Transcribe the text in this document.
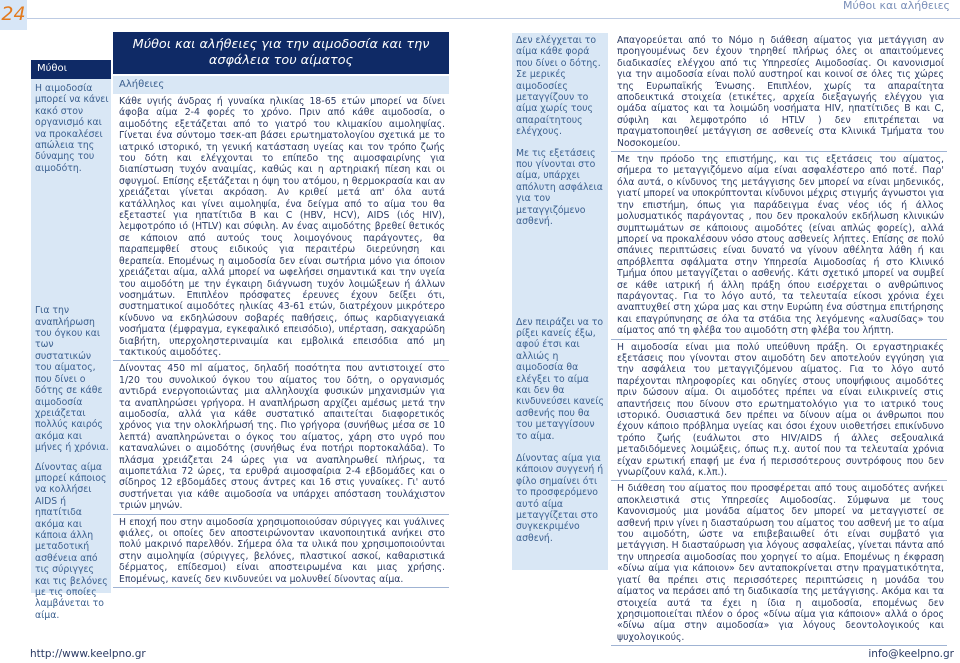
24	Μύθοι και αλήθειες
Μύθοι και αλήθειες για την αιμοδοσία και την
ασφάλεια του αίματος
Μύθοι
Η αιμοδοσία μπορεί να κάνει κακό στον οργανισμό και να προκαλέσει απώλεια της δύναμης του αιμοδότη.
Για την αναπλήρωση του όγκου και των συστατικών του αίματος, που δίνει ο δότης σε κάθε αιμοδοσία χρειάζεται πολλύς καιρός ακόμα και μήνες ή χρόνια.
Δίνοντας αίμα μπορεί κάποιος να κολλήσει AIDS ή ηπατίτιδα ακόμα και κάποια άλλη μεταδοτική ασθένεια από τις σύριγγες και τις βελόνες με τις οποίες λαμβάνεται το αίμα.
Αλήθειες
Κάθε υγιής άνδρας ή γυναίκα ηλικίας 18-65 ετών μπορεί να δίνει άφοβα αίμα 2-4 φορές το χρόνο. Πριν από κάθε αιμοδοσία, ο αιμοδότης εξετάζεται από το γιατρό του κλιμακίου αιμοληψίας. Γίνεται ένα σύντομο τσεκ-απ βάσει ερωτηματολογίου σχετικά με το ιατρικό ιστορικό, τη γενική κατάσταση υγείας και τον τρόπο ζωής του δότη και ελέγχονται το επίπεδο της αιμοσφαιρίνης για διαπίστωση τυχόν αναιμίας, καθώς και η αρτηριακή πίεση και οι σφυγμοί. Επίσης εξετάζεται η όψη του ατόμου, η θερμοκρασία και αν χρειάζεται γίνεται ακρόαση. Αν κριθεί μετά απ' όλα αυτά κατάλληλος και γίνει αιμοληψία, ένα δείγμα από το αίμα του θα εξεταστεί για ηπατίτιδα B και C (HBV, HCV), AIDS (ιός HIV), λεμφοτρόπο ιό (HTLV) και σύφιλη. Αν ένας αιμοδότης βρεθεί θετικός σε κάποιον από αυτούς τους λοιμογόνους παράγοντες, θα παραπεμφθεί στους ειδικούς για περαιτέρω διερεύνηση και θεραπεία. Επομένως η αιμοδοσία δεν είναι σωτήρια μόνο για όποιον χρειάζεται αίμα, αλλά μπορεί να ωφελήσει σημαντικά και την υγεία του αιμοδότη με την έγκαιρη διάγνωση τυχόν λοιμώξεων ή άλλων νοσημάτων. Επιπλέον πρόσφατες έρευνες έχουν δείξει ότι, συστηματικοί αιμοδότες ηλικίας 43-61 ετών, διατρέχουν μικρότερο κίνδυνο να εκδηλώσουν σοβαρές παθήσεις, όπως καρδιαγγειακά νοσήματα (έμφραγμα, εγκεφαλικό επεισόδιο), υπέρταση, σακχαρώδη διαβήτη, υπερχοληστεριναιμία και εμβολικά επεισόδια από μη τακτικούς αιμοδότες.
Δίνοντας 450 ml αίματος, δηλαδή ποσότητα που αντιστοιχεί στο 1/20 του συνολικού όγκου του αίματος του δότη, ο οργανισμός αντιδρά ενεργοποιώντας μια αλληλουχία φυσικών μηχανισμών για τα αναπληρώσει γρήγορα. Η αναπλήρωση αρχίζει αμέσως μετά την αιμοδοσία, αλλά για κάθε συστατικό απαιτείται διαφορετικός χρόνος για την ολοκλήρωσή της. Πιο γρήγορα (συνήθως μέσα σε 10 λεπτά) αναπληρώνεται ο όγκος του αίματος, χάρη στο υγρό που καταναλώνει ο αιμοδότης (συνήθως ένα ποτήρι πορτοκαλάδα). Το πλάσμα χρειάζεται 24 ώρες για να αναπληρωθεί πλήρως, τα αιμοπετάλια 72 ώρες, τα ερυθρά αιμοσφαίρια 2-4 εβδομάδες και ο σίδηρος 12 εβδομάδες στους άντρες και 16 στις γυναίκες. Γι' αυτό συστήνεται για κάθε αιμοδοσία να υπάρχει απόσταση τουλάχιστον τριών μηνών.
Η εποχή που στην αιμοδοσία χρησιμοποιούσαν σύριγγες και γυάλινες φιάλες, οι οποίες δεν αποστειρώνονταν ικανοποιητικά ανήκει στο πολύ μακρινό παρελθόν. Σήμερα όλα τα υλικά που χρησιμοποιούνται στην αιμοληψία (σύριγγες, βελόνες, πλαστικοί ασκοί, καθαριστικά δέρματος, επίδεσμοι) είναι αποστειρωμένα και μιας χρήσης. Επομένως, κανείς δεν κινδυνεύει να μολυνθεί δίνοντας αίμα.
Δεν ελέγχεται το αίμα κάθε φορά που δίνει ο δότης. Σε μερικές αιμοδοσίες μεταγγίζουν το αίμα χωρίς τους απαραίτητους ελέγχους.
Με τις εξετάσεις που γίνονται στο αίμα, υπάρχει απόλυτη ασφάλεια για τον μεταγγιζόμενο ασθενή.
Δεν πειράζει να το ρίξει κανείς έξω, αφού έτσι και αλλιώς η αιμοδοσία θα ελέγξει το αίμα και δεν θα κινδυνεύσει κανείς ασθενής που θα του μεταγγίσουν το αίμα.
Δίνοντας αίμα για κάποιον συγγενή ή φίλο σημαίνει ότι το προσφερόμενο αυτό αίμα μεταγγίζεται στο συγκεκριμένο ασθενή.
Απαγορεύεται από το Νόμο η διάθεση αίματος για μετάγγιση αν προηγουμένως δεν έχουν τηρηθεί πλήρως όλες οι απαιτούμενες διαδικασίες ελέγχου από τις Υπηρεσίες Αιμοδοσίας. Οι κανονισμοί για την αιμοδοσία είναι πολύ αυστηροί και κοινοί σε όλες τις χώρες της Ευρωπαϊκής Ένωσης. Επιπλέον, χωρίς τα απαραίτητα αποδεικτικά στοιχεία (ετικέτες, αρχεία διεξαγωγής ελέγχου για ομάδα αίματος και τα λοιμώδη νοσήματα HIV, ηπατίτιδες B και C, σύφιλη και λεμφοτρόπο ιό HTLV ) δεν επιτρέπεται να πραγματοποιηθεί μετάγγιση σε ασθενείς στα Κλινικά Τμήματα του Νοσοκομείου.
Με την πρόοδο της επιστήμης, και τις εξετάσεις του αίματος, σήμερα το μεταγγιζόμενο αίμα είναι ασφαλέστερο από ποτέ. Παρ' όλα αυτά, ο κίνδυνος της μετάγγισης δεν μπορεί να είναι μηδενικός, γιατί μπορεί να υποκρύπτονται κίνδυνοι μέχρις στιγμής άγνωστοι για την επιστήμη, όπως για παράδειγμα ένας νέος ιός ή άλλος μολυσματικός παράγοντας , που δεν προκαλούν εκδήλωση κλινικών συμπτωμάτων σε κάποιους αιμοδότες (είναι απλώς φορείς), αλλά μπορεί να προκαλέσουν νόσο στους ασθενείς λήπτες. Επίσης σε πολύ σπάνιες περιπτώσεις είναι δυνατό να γίνουν αθέλητα λάθη ή και απρόβλεπτα σφάλματα στην Υπηρεσία Αιμοδοσίας ή στο Κλινικό Τμήμα όπου μεταγγίζεται ο ασθενής. Κάτι σχετικό μπορεί να συμβεί σε κάθε ιατρική ή άλλη πράξη όπου εισέρχεται ο ανθρώπινος παράγοντας. Για το λόγο αυτό, τα τελευταία είκοσι χρόνια έχει αναπτυχθεί στη χώρα μας και στην Ευρώπη ένα σύστημα επιτήρησης και επαγρύπνησης σε όλα τα στάδια της λεγόμενης «αλυσίδας» του αίματος από τη φλέβα του αιμοδότη στη φλέβα του λήπτη.
Η αιμοδοσία είναι μια πολύ υπεύθυνη πράξη. Οι εργαστηριακές εξετάσεις που γίνονται στον αιμοδότη δεν αποτελούν εγγύηση για την ασφάλεια του μεταγγιζόμενου αίματος. Για το λόγο αυτό παρέχονται πληροφορίες και οδηγίες στους υποψήφιους αιμοδότες πριν δώσουν αίμα. Οι αιμοδότες πρέπει να είναι ειλικρινείς στις απαντήσεις που δίνουν στο ερωτηματολόγιο για το ιατρικό τους ιστορικό. Ουσιαστικά δεν πρέπει να δίνουν αίμα οι άνθρωποι που έχουν κάποιο πρόβλημα υγείας και όσοι έχουν υιοθετήσει επικίνδυνο τρόπο ζωής (ευάλωτοι στο HIV/AIDS ή άλλες σεξουαλικά μεταδιδόμενες λοιμώξεις, όπως π.χ. αυτοί που τα τελευταία χρόνια είχαν ερωτική επαφή με ένα ή περισσότερους συντρόφους που δεν γνωρίζουν καλά, κ.λπ.).
Η διάθεση του αίματος που προσφέρεται από τους αιμοδότες ανήκει αποκλειστικά στις Υπηρεσίες Αιμοδοσίας. Σύμφωνα με τους Κανονισμούς μια μονάδα αίματος δεν μπορεί να μεταγγιστεί σε ασθενή πριν γίνει η διασταύρωση του αίματος του ασθενή με το αίμα του αιμοδότη, ώστε να επιβεβαιωθεί ότι είναι συμβατό για μετάγγιση. Η διασταύρωση για λόγους ασφαλείας, γίνεται πάντα από την υπηρεσία αιμοδοσίας που χορηγεί το αίμα. Επομένως η έκφραση «δίνω αίμα για κάποιον» δεν ανταποκρίνεται στην πραγματικότητα, γιατί θα πρέπει στις περισσότερες περιπτώσεις η μονάδα του αίματος να περάσει από τη διαδικασία της μετάγγισης. Ακόμα και τα στοιχεία αυτά τα έχει η ίδια η αιμοδοσία, επομένως δεν χρησιμοποιείται πλέον ο όρος «δίνω αίμα για κάποιον» αλλά ο όρος «δίνω αίμα στην αιμοδοσία» για λόγους δεοντολογικούς και ψυχολογικούς.
http://www.keelpno.gr	info@keelpno.gr
